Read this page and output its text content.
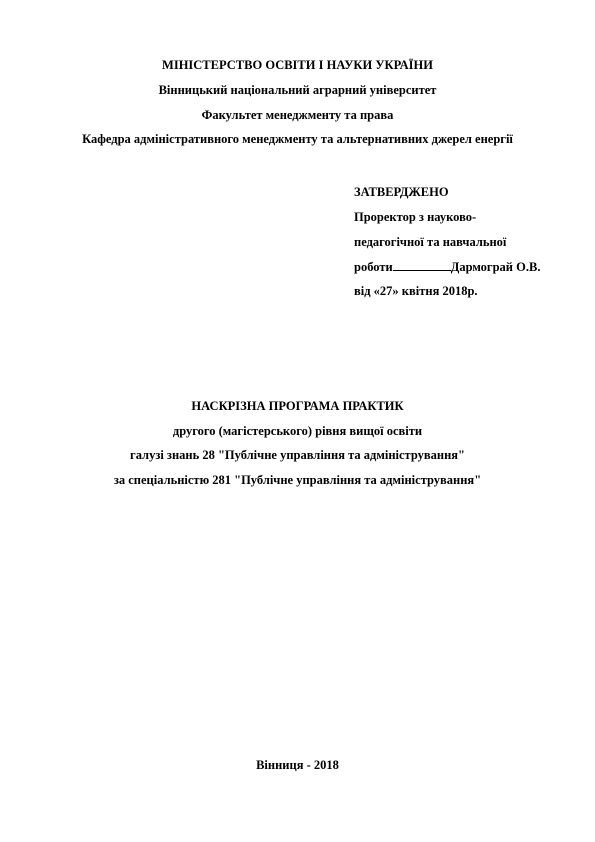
МІНІСТЕРСТВО ОСВІТИ І НАУКИ УКРАЇНИ
Вінницький національний аграрний університет
Факультет менеджменту та права
Кафедра адміністративного менеджменту та альтернативних джерел енергії
ЗАТВЕРДЖЕНО
Проректор з науково-
педагогічної та навчальної
роботи	Дармограй О.В.
від «27» квітня 2018р.
НАСКРІЗНА ПРОГРАМА ПРАКТИК
другого (магістерського) рівня вищої освіти
галузі знань 28 "Публічне управління та адміністрування"
за спеціальністю 281 "Публічне управління та адміністрування"
Вінниця - 2018
